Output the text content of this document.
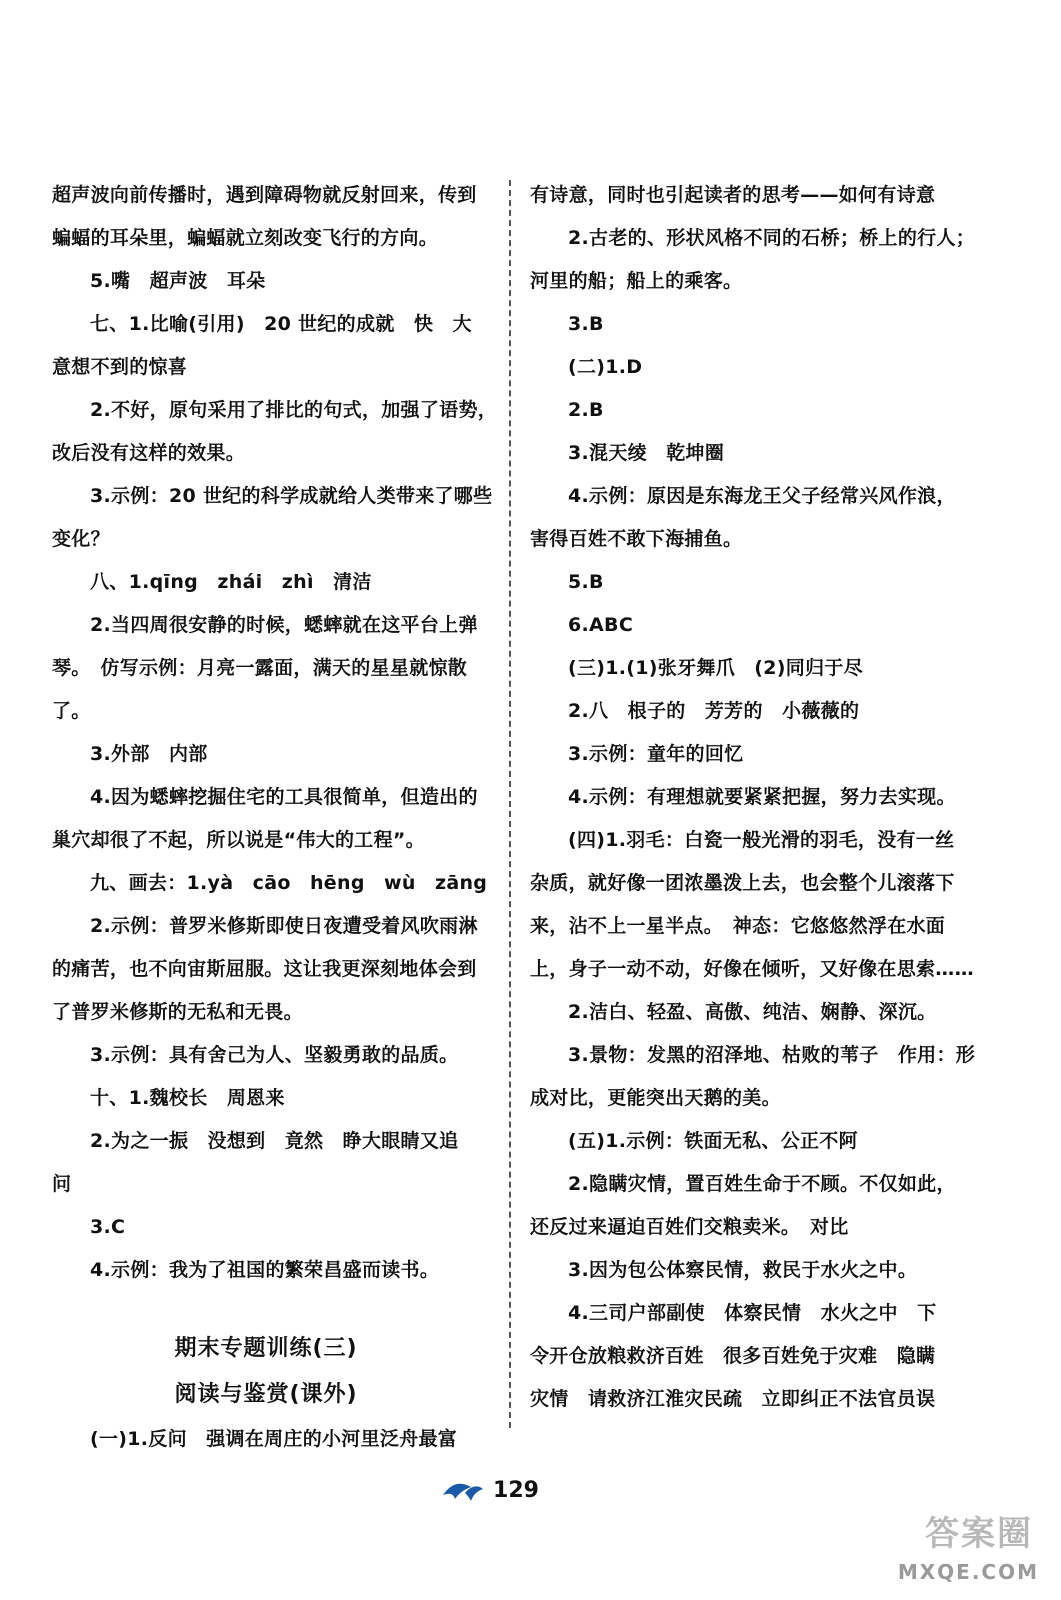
超声波向前传播时，遇到障碍物就反射回来，传到
蝙蝠的耳朵里，蝙蝠就立刻改变飞行的方向。
5.嘴　超声波　耳朵
七、1.比喻(引用)　20 世纪的成就　快　大
意想不到的惊喜
2.不好，原句采用了排比的句式，加强了语势，
改后没有这样的效果。
3.示例：20 世纪的科学成就给人类带来了哪些
变化？
八、1.qīng　zhái　zhì　清洁
2.当四周很安静的时候，蟋蟀就在这平台上弹
琴。　仿写示例：月亮一露面，满天的星星就惊散
了。
3.外部　内部
4.因为蟋蟀挖掘住宅的工具很简单，但造出的
巢穴却很了不起，所以说是“伟大的工程”。
九、画去：1.yà　cāo　hēng　wù　zāng
2.示例：普罗米修斯即使日夜遭受着风吹雨淋
的痛苦，也不向宙斯屈服。这让我更深刻地体会到
了普罗米修斯的无私和无畏。
3.示例：具有舍己为人、坚毅勇敢的品质。
十、1.魏校长　周恩来
2.为之一振　没想到　竟然　睁大眼睛又追
问
3.C
4.示例：我为了祖国的繁荣昌盛而读书。
期末专题训练(三)
阅读与鉴赏(课外)
(一)1.反问　强调在周庄的小河里泛舟最富
有诗意，同时也引起读者的思考——如何有诗意
2.古老的、形状风格不同的石桥；桥上的行人；
河里的船；船上的乘客。
3.B
(二)1.D
2.B
3.混天绫　乾坤圈
4.示例：原因是东海龙王父子经常兴风作浪，
害得百姓不敢下海捕鱼。
5.B
6.ABC
(三)1.(1)张牙舞爪　(2)同归于尽
2.八　根子的　芳芳的　小薇薇的
3.示例：童年的回忆
4.示例：有理想就要紧紧把握，努力去实现。
(四)1.羽毛：白瓷一般光滑的羽毛，没有一丝
杂质，就好像一团浓墨泼上去，也会整个儿滚落下
来，沾不上一星半点。　神态：它悠悠然浮在水面
上，身子一动不动，好像在倾听，又好像在思索……
2.洁白、轻盈、高傲、纯洁、娴静、深沉。
3.景物：发黑的沼泽地、枯败的苇子　作用：形
成对比，更能突出天鹅的美。
(五)1.示例：铁面无私、公正不阿
2.隐瞒灾情，置百姓生命于不顾。不仅如此，
还反过来逼迫百姓们交粮卖米。　对比
3.因为包公体察民情，救民于水火之中。
4.三司户部副使　体察民情　水火之中　下
令开仓放粮救济百姓　很多百姓免于灾难　隐瞒
灾情　请救济江淮灾民疏　立即纠正不法官员误
129
答案圈
MXQE.COM
